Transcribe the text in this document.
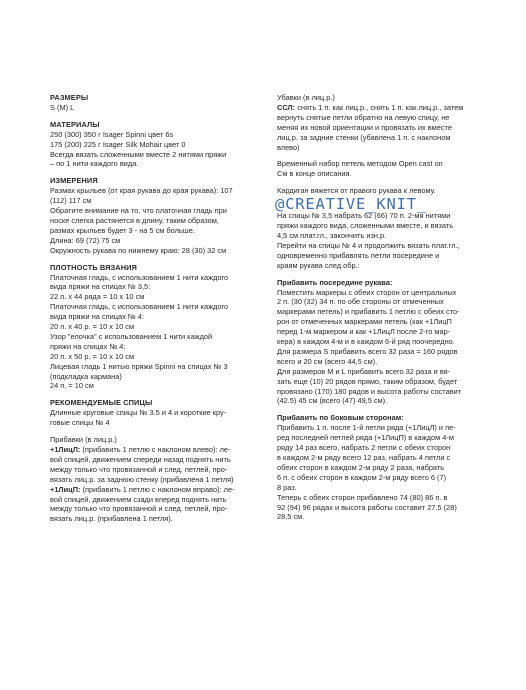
РАЗМЕРЫ

S (M) L

МАТЕРИАЛЫ

250 (300) 350 г Isager Spinni цвет 6s

175 (200) 225 г Isager Silk Mohair цвет 0

Всегда вязать сложенными вместе 2 нитями пряжи

– по 1 нити каждого вида.

ИЗМЕРЕНИЯ

Размах крыльев (от края рукава до края рукава): 107

(112) 117 см

Обратите внимание на то, что платочная гладь при

носке слегка растянется в длину, таким образом,

размах крыльев будет 3 - на 5 см больше.

Длина: 69 (72) 75 см

Окружность рукава по нижнему краю: 28 (30) 32 см

ПЛОТНОСТЬ ВЯЗАНИЯ

Платочная гладь, с использованием 1 нити каждого

вида пряжи на спицах № 3,5:

22 п. х 44 ряда = 10 х 10 см

Платочная гладь, с использованием 1 нити каждого

вида пряжи на спицах № 4:

20 п. х 40 р. = 10 х 10 см

Узор "елочка" с использованием 1 нити каждой

пряжи на спицах № 4:

20 п. х 50 р. = 10 х 10 см

Лицевая гладь 1 нитью пряжи Spinni на спицах № 3

(подкладка кармана)

24 п. = 10 см

РЕКОМЕНДУЕМЫЕ СПИЦЫ

Длинные круговые спицы № 3.5 и 4 и короткие кру-

говые спицы № 4

Прибавки (в лиц.р.)

+1ЛицЛ: (прибавить 1 петлю с наклоном влево): ле-

вой спицей, движением спереди назад поднять нить

между только что провязанной и след. петлей, про-

вязать лиц.р. за заднюю стенку (прибавлена 1 петля)

+1ЛицП: (прибавить 1 петлю с наклоном вправо): ле-

вой спицей, движением сзади вперед поднять нить

между только что провязанной и след. петлей, про-

вязать лиц.р. (прибавлена 1 петля).

Убавки (в лиц.р.)

ССЛ: снять 1 п. как лиц.р., снять 1 п. как лиц.р., затем

вернуть снятые петли обратно на левую спицу, не

меняя их новой ориентации и провязать их вместе

лиц.р. за задние стенки (убавлена 1 п. с наклоном

влево)

Временный набор петель методом Open cast on

См в конце описания.

Кардиган вяжется от правого рукава к левому.

@CREATIVE_KNIT_

На спицы № 3,5 набрать 62 (66) 70 п. 2-мя нитями

пряжи каждого вида, сложенными вместе, и вязать

4,5 см плат.гл., закончить изн.р.

Перейти на спицы № 4 и продолжить вязать плат.гл.,

одновременно прибавлять петли посередине и

краям рукава след.обр.:

Прибавить посередине рукава:

Поместить маркеры с обеих сторон от центральных

2 п. (30 (32) 34 п. по обе стороны от отмеченных

маркерами петель) и прибавить 1 петлю с обеих сто-

рон от отмеченных маркерами петель (как +1ЛицП

перед 1-м маркером и как +1ЛицЛ после 2-го мар-

кера) в каждом 4-м и в каждом 6-й ряд поочередно.

Для размера S прибавить всего 32 раза = 160 рядов

всего и 20 см (всего 44,5 см).

Для размеров M и L прибавить всего 32 раза и вя-

зать еще (10) 20 рядов прямо, таким образом, будет

провязано (170) 180 рядов и высота работы составит

(42.5) 45 см (всего (47) 49,5 см).

Прибавить по боковым сторонам:

Прибавить 1 п. после 1-й петли ряда (+1ЛицЛ) и пе-

ред последней петлей ряда (+1ЛицП) в каждом 4-м

ряду 14 раз всего, набрать 2 петли с обеих сторон

в каждом 2-м ряду всего 12 раз, набрать 4 петли с

обеих сторон в каждом 2-м ряду 2 раза, набрать

6 п. с обеих сторон в каждом 2-м ряду всего 6 (7)

8 раз.

Теперь с обеих сторон прибавлено 74 (80) 86 п. в

92 (94) 96 рядах и высота работы составит 27.5 (28)

28,5 см.
